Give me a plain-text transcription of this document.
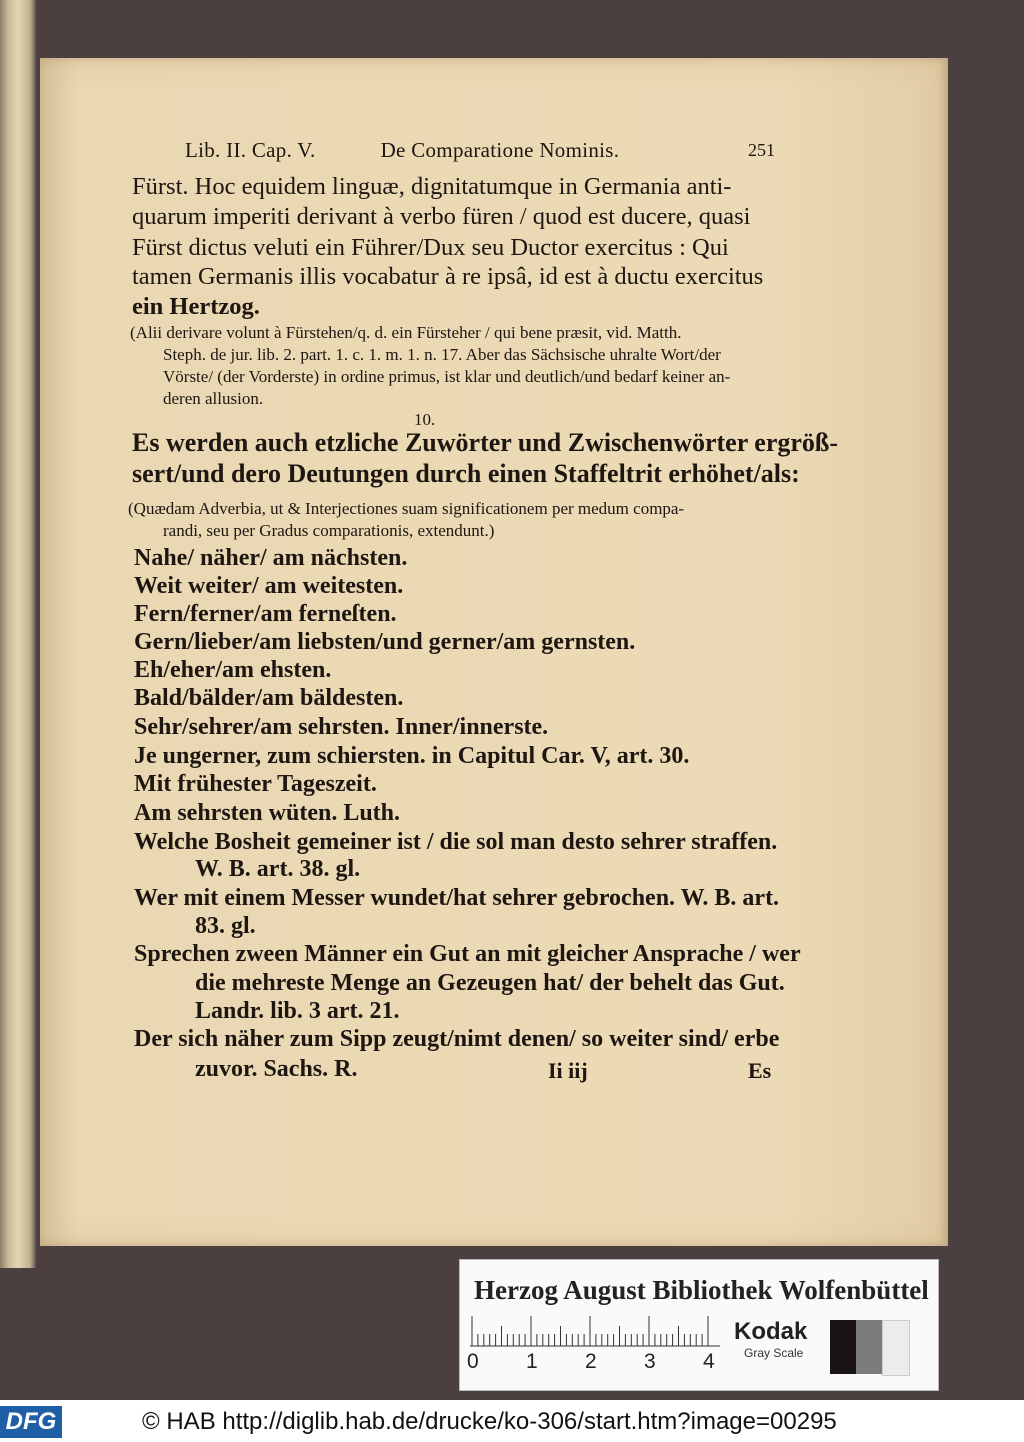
Lib. II. Cap. V.	De Comparatione Nominis.	251
Fürst. Hoc equidem linguæ, dignitatumque in Germania anti-
quarum imperiti derivant à verbo füren / quod est ducere, quasi
Fürst dictus veluti ein Führer/Dux seu Ductor exercitus : Qui
tamen Germanis illis vocabatur à re ipsâ, id est à ductu exercitus
ein Hertzog.
(Alii derivare volunt à Fürstehen/q. d. ein Fürsteher / qui bene præsit, vid. Matth.
Steph. de jur. lib. 2. part. 1. c. 1. m. 1. n. 17. Aber das Sächsische uhralte Wort/der
Vörste/ (der Vorderste) in ordine primus, ist klar und deutlich/und bedarf keiner an-
deren allusion.
10.
Es werden auch etzliche Zuwörter und Zwischenwörter ergröß-
sert/und dero Deutungen durch einen Staffeltrit erhöhet/als:
(Quædam Adverbia, ut & Interjectiones suam significationem per medum compa-
randi, seu per Gradus comparationis, extendunt.)
Nahe/ näher/ am nächsten.
Weit weiter/ am weitesten.
Fern/ferner/am ferneſten.
Gern/lieber/am liebsten/und gerner/am gernsten.
Eh/eher/am ehsten.
Bald/bälder/am bäldesten.
Sehr/sehrer/am sehrsten. Inner/innerste.
Je ungerner, zum schiersten. in Capitul Car. V, art. 30.
Mit frühester Tageszeit.
Am sehrsten wüten. Luth.
Welche Bosheit gemeiner ist / die sol man desto sehrer straffen.
W. B. art. 38. gl.
Wer mit einem Messer wundet/hat sehrer gebrochen. W. B. art.
83. gl.
Sprechen zween Männer ein Gut an mit gleicher Ansprache / wer
die mehreste Menge an Gezeugen hat/ der behelt das Gut.
Landr. lib. 3 art. 21.
Der sich näher zum Sipp zeugt/nimt denen/ so weiter sind/ erbe
zuvor. Sachs. R.	Ii iij	Es
Herzog August Bibliothek Wolfenbüttel
0 1 2 3 4
Kodak
Gray Scale
DFG	© HAB http://diglib.hab.de/drucke/ko-306/start.htm?image=00295
